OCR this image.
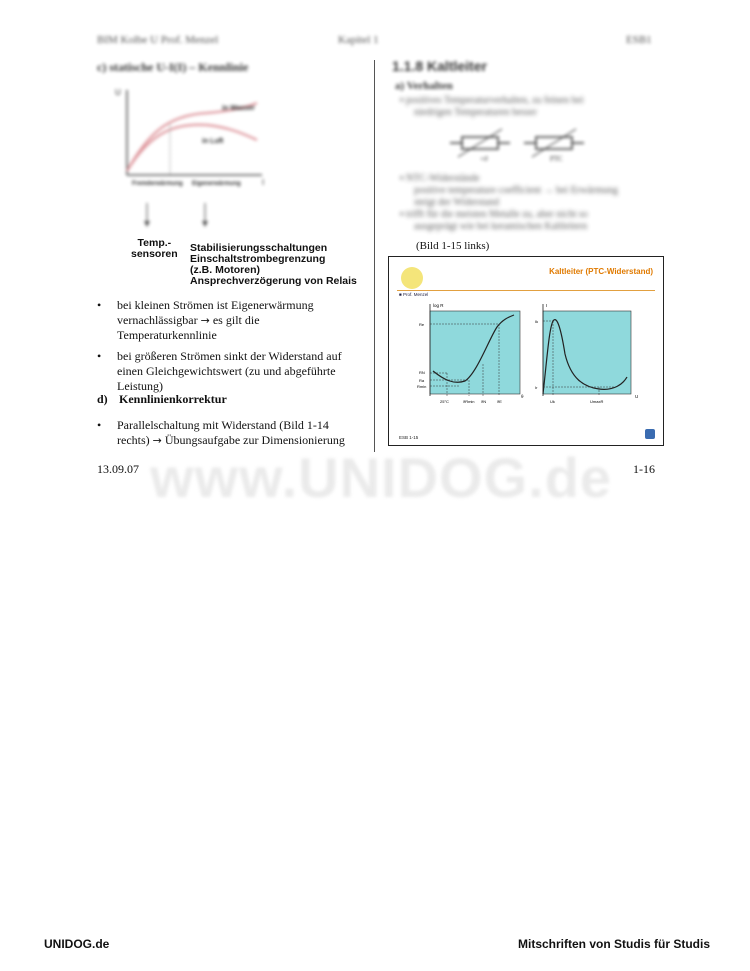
BIM Kolbe U Prof. Menzel	Kapitel 1	ESB1
c) statische U-I(I) – Kennlinie
U
I
in Wasser
in Luft
Fremderwärmung Eigenerwärmung
Temp.-
sensoren Stabilisierungsschaltungen
Einschaltstrombegrenzung
(z.B. Motoren)
Ansprechverzögerung von Relais
• bei kleinen Strömen ist Eigenerwärmung vernachlässigbar → es gilt die Temperaturkennlinie
• bei größeren Strömen sinkt der Widerstand auf einen Gleichgewichtswert (zu und abgeführte Leistung)
d) Kennlinienkorrektur
• Parallelschaltung mit Widerstand (Bild 1-14 rechts) → Übungsaufgabe zur Dimensionierung
1.1.8 Kaltleiter
a) Verhalten
▪ positives Temperaturverhalten, zu feinen bei
niedrigen Temperaturen besser
+ϑ	PTC
▪ NTC-Widerstände
positive temperature coefficient → bei Erwärmung
steigt der Widerstand
▪ trifft für die meisten Metalle zu, aber nicht so
ausgeprägt wie bei keramischen Kaltleitern
(Bild 1-15 links)
Kaltleiter (PTC-Widerstand)
■ Prof. Menzel
log R
Re
RN
Ra
Rmin
25°C	ϑRmin ϑN	ϑE
ϑ
I
Ik
Ir
Uk	UmaxR
U
ESB 1-15
www.UNIDOG.de
13.09.07	1-16
UNIDOG.de	Mitschriften von Studis für Studis
